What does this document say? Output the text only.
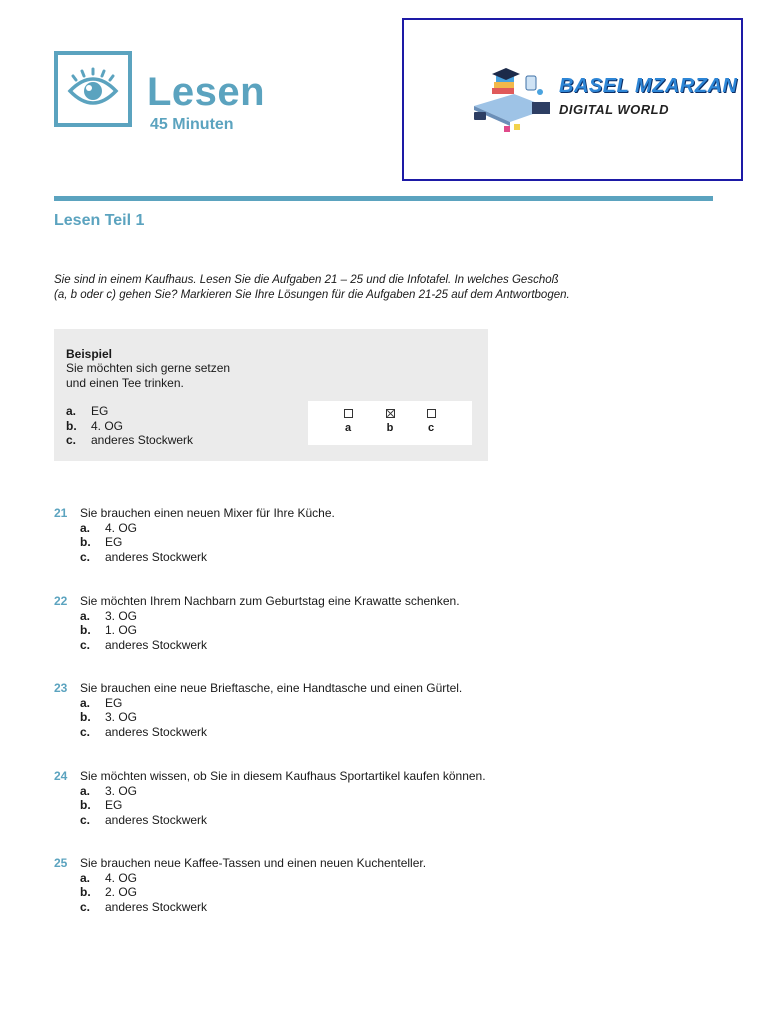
Lesen
45 Minuten
BASEL MZARZAN
DIGITAL WORLD
Lesen Teil 1
Sie sind in einem Kaufhaus. Lesen Sie die Aufgaben 21 – 25 und die Infotafel. In welches Geschoß
(a, b oder c) gehen Sie? Markieren Sie Ihre Lösungen für die Aufgaben 21-25 auf dem Antwortbogen.
Beispiel
Sie möchten sich gerne setzen
und einen Tee trinken.
a. EG
b. 4. OG
c. anderes Stockwerk
a	b	c
21 Sie brauchen einen neuen Mixer für Ihre Küche.
a. 4. OG
b. EG
c. anderes Stockwerk
22 Sie möchten Ihrem Nachbarn zum Geburtstag eine Krawatte schenken.
a. 3. OG
b. 1. OG
c. anderes Stockwerk
23 Sie brauchen eine neue Brieftasche, eine Handtasche und einen Gürtel.
a. EG
b. 3. OG
c. anderes Stockwerk
24 Sie möchten wissen, ob Sie in diesem Kaufhaus Sportartikel kaufen können.
a. 3. OG
b. EG
c. anderes Stockwerk
25 Sie brauchen neue Kaffee-Tassen und einen neuen Kuchenteller.
a. 4. OG
b. 2. OG
c. anderes Stockwerk
